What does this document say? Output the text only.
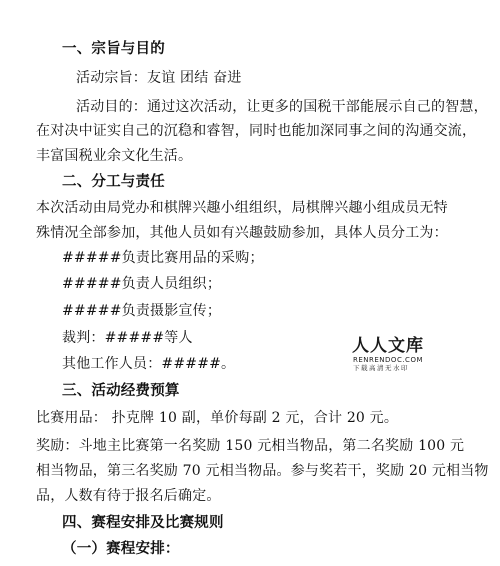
一、宗旨与目的
活动宗旨：友谊 团结 奋进
活动目的：通过这次活动，让更多的国税干部能展示自己的智慧，
在对决中证实自己的沉稳和睿智，同时也能加深同事之间的沟通交流，
丰富国税业余文化生活。
二、分工与责任
本次活动由局党办和棋牌兴趣小组组织，局棋牌兴趣小组成员无特
殊情况全部参加，其他人员如有兴趣鼓励参加，具体人员分工为：
#####负责比赛用品的采购；
#####负责人员组织；
#####负责摄影宣传；
裁判：#####等人
其他工作人员：#####。
人人文库
RENRENDOC.COM
下载高清无水印
三、活动经费预算
比赛用品： 扑克牌 10 副，单价每副 2 元，合计 20 元。
奖励：斗地主比赛第一名奖励 150 元相当物品，第二名奖励 100 元
相当物品，第三名奖励 70 元相当物品。参与奖若干，奖励 20 元相当物
品，人数有待于报名后确定。
四、赛程安排及比赛规则
（一）赛程安排：
